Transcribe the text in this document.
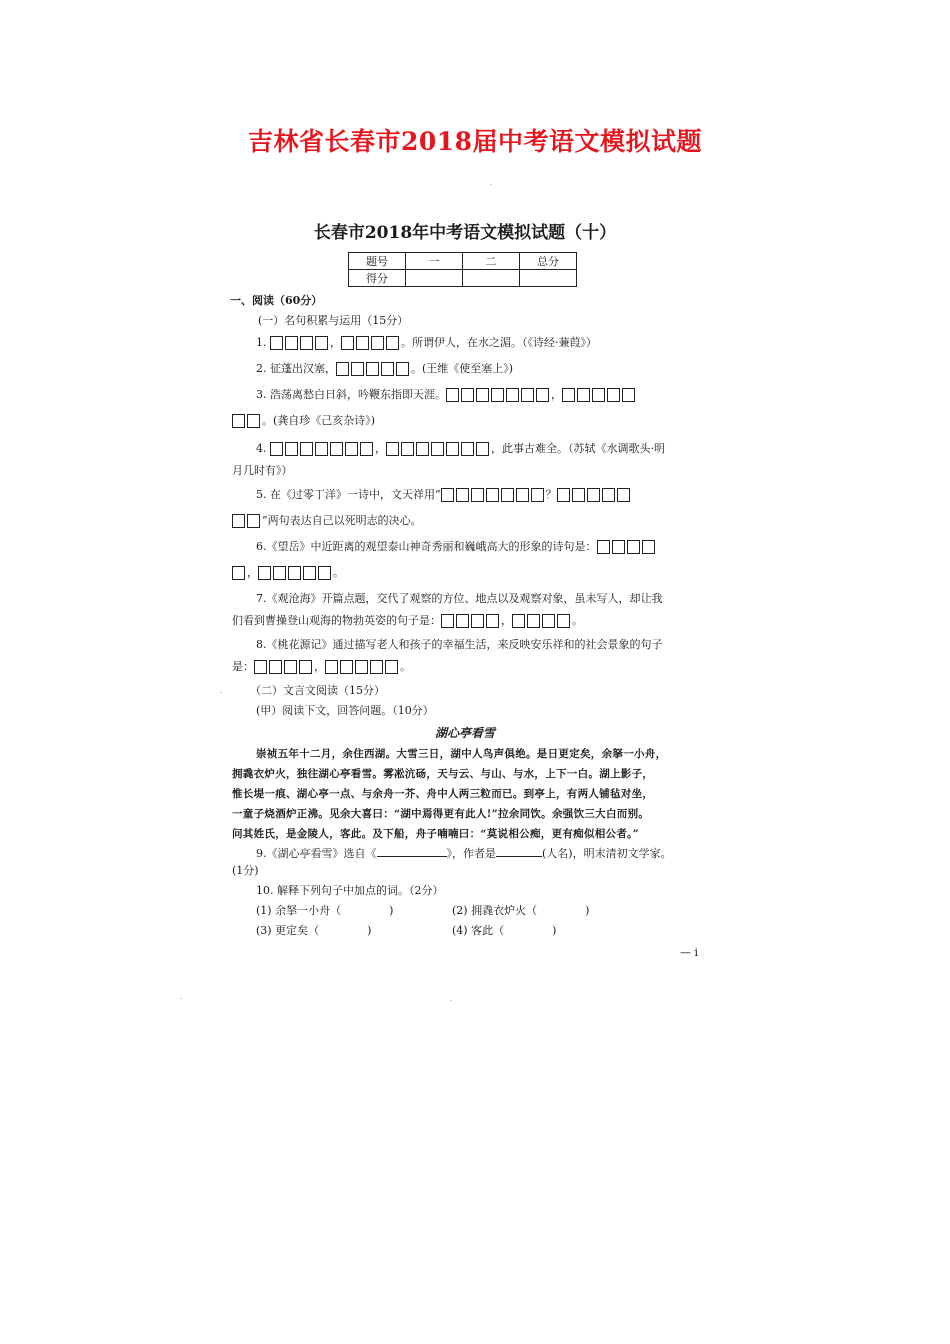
吉林省长春市2018届中考语文模拟试题
长春市2018年中考语文模拟试题（十）
题号	一	二	总分
得分			
一、阅读（60分）
(一）名句积累与运用（15分）
1.	，	。所谓伊人，在水之湄。（《诗经·蒹葭》）
2. 征蓬出汉塞，	。(王维《使至塞上》)
3. 浩荡离愁白日斜，吟鞭东指即天涯。	，
。(龚自珍《己亥杂诗》)
4.	，	，此事古难全。（苏轼《水调歌头·明
月几时有》）
5. 在《过零丁洋》一诗中，文天祥用“	？
”两句表达自己以死明志的决心。
6.《望岳》中近距离的观望泰山神奇秀丽和巍峨高大的形象的诗句是：
，	。
7.《观沧海》开篇点题，交代了观察的方位、地点以及观察对象，虽未写人，却让我
们看到曹操登山观海的物勃英姿的句子是：	，	。
8.《桃花源记》通过描写老人和孩子的幸福生活，来反映安乐祥和的社会景象的句子
是：	，	。
（二）文言文阅读（15分）
(甲）阅读下文，回答问题。（10分）
湖心亭看雪
崇祯五年十二月，余住西湖。大雪三日，湖中人鸟声俱绝。是日更定矣，余拏一小舟，
拥毳衣炉火，独往湖心亭看雪。雾凇沆砀，天与云、与山、与水，上下一白。湖上影子，
惟长堤一痕、湖心亭一点、与余舟一芥、舟中人两三粒而已。到亭上，有两人铺毡对坐，
一童子烧酒炉正沸。见余大喜曰：“湖中焉得更有此人!”拉余同饮。余强饮三大白而别。
问其姓氏，是金陵人，客此。及下船，舟子喃喃曰：“莫说相公痴，更有痴似相公者。”
9.《湖心亭看雪》选自《	》，作者是	(人名)，明末清初文学家。
(1分)
10. 解释下列句子中加点的词。（2分）
(1) 余拏一小舟（	)	(2) 拥毳衣炉火（	)
(3) 更定矣（	)	(4) 客此（	)
— i
·	·
·
·
